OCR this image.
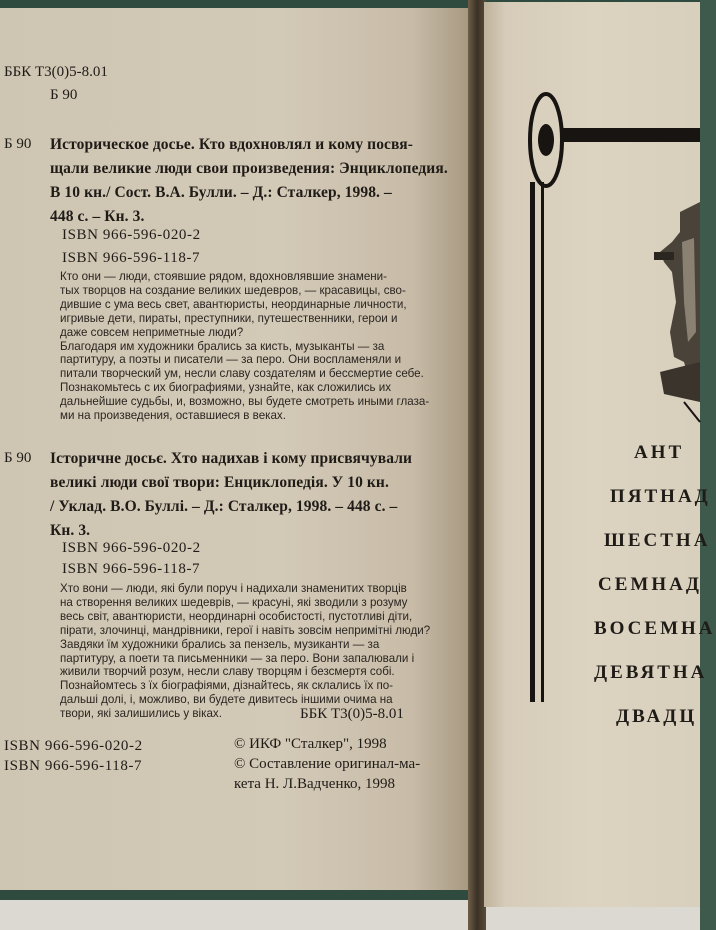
ББК Т3(0)5-8.01
Б 90
Б 90 Историческое досье. Кто вдохновлял и кому посвя-
щали великие люди свои произведения: Энциклопедия.
В 10 кн./ Сост. В.А. Булли. – Д.: Сталкер, 1998. –
448 с. – Кн. 3.
ISBN 966-596-020-2
ISBN 966-596-118-7
Кто они — люди, стоявшие рядом, вдохновлявшие знамени-
тых творцов на создание великих шедевров, — красавицы, сво-
дившие с ума весь свет, авантюристы, неординарные личности,
игривые дети, пираты, преступники, путешественники, герои и
даже совсем неприметные люди?
Благодаря им художники брались за кисть, музыканты — за
партитуру, а поэты и писатели — за перо. Они воспламеняли и
питали творческий ум, несли славу создателям и бессмертие себе.
Познакомьтесь с их биографиями, узнайте, как сложились их
дальнейшие судьбы, и, возможно, вы будете смотреть иными глаза-
ми на произведения, оставшиеся в веках.
Б 90 Історичне досьє. Хто надихав і кому присвячували
великі люди свої твори: Енциклопедія. У 10 кн.
/ Уклад. В.О. Буллі. – Д.: Сталкер, 1998. – 448 с. –
Кн. 3.
ISBN 966-596-020-2
ISBN 966-596-118-7
Хто вони — люди, які були поруч і надихали знаменитих творців
на створення великих шедеврів, — красуні, які зводили з розуму
весь світ, авантюристи, неординарні особистості, пустотливі діти,
пірати, злочинці, мандрівники, герої і навіть зовсім непримітні люди?
Завдяки їм художники брались за пензель, музиканти — за
партитуру, а поети та письменники — за перо. Вони запалювали і
живили творчий розум, несли славу творцям і безсмертя собі.
Познайомтесь з їх біографіями, дізнайтесь, як склались їх по-
дальші долі, і, можливо, ви будете дивитесь іншими очима на
твори, які залишились у віках.	ББК Т3(0)5-8.01
ISBN 966-596-020-2
ISBN 966-596-118-7
© ИКФ "Сталкер", 1998
© Составление оригинал-ма-
кета Н. Л.Вадченко, 1998
АНТ
ПЯТНАД
ШЕСТНА
СЕМНАД
ВОСЕМНА
ДЕВЯТНА
ДВАДЦ
